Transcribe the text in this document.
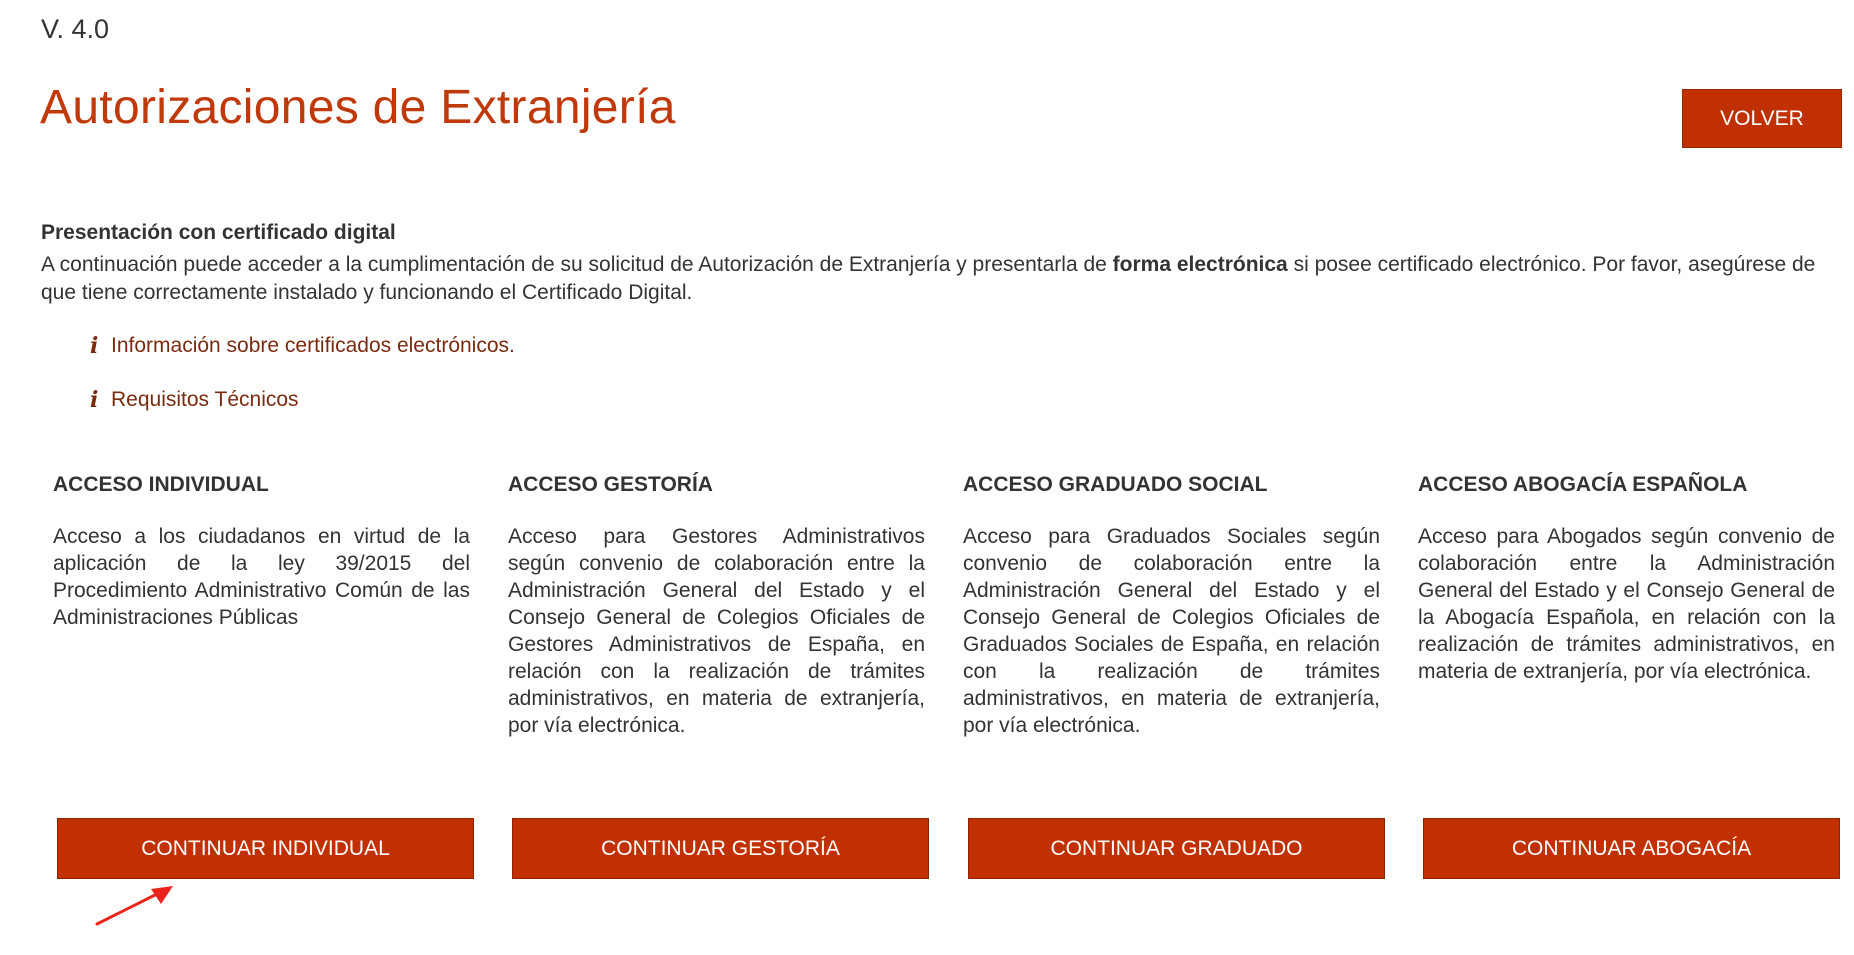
V. 4.0
Autorizaciones de Extranjería	VOLVER
Presentación con certificado digital
A continuación puede acceder a la cumplimentación de su solicitud de Autorización de Extranjería y presentarla de forma electrónica si posee certificado electrónico. Por favor, asegúrese de que tiene correctamente instalado y funcionando el Certificado Digital.
i Información sobre certificados electrónicos.
i Requisitos Técnicos
ACCESO INDIVIDUAL
Acceso a los ciudadanos en virtud de la aplicación de la ley 39/2015 del Procedimiento Administrativo Común de las Administraciones Públicas
ACCESO GESTORÍA
Acceso para Gestores Administrativos según convenio de colaboración entre la Administración General del Estado y el Consejo General de Colegios Oficiales de Gestores Administrativos de España, en relación con la realización de trámites administrativos, en materia de extranjería, por vía electrónica.
ACCESO GRADUADO SOCIAL
Acceso para Graduados Sociales según convenio de colaboración entre la Administración General del Estado y el Consejo General de Colegios Oficiales de Graduados Sociales de España, en relación con la realización de trámites administrativos, en materia de extranjería, por vía electrónica.
ACCESO ABOGACÍA ESPAÑOLA
Acceso para Abogados según convenio de colaboración entre la Administración General del Estado y el Consejo General de la Abogacía Española, en relación con la realización de trámites administrativos, en materia de extranjería, por vía electrónica.
CONTINUAR INDIVIDUAL	CONTINUAR GESTORÍA	CONTINUAR GRADUADO	CONTINUAR ABOGACÍA
